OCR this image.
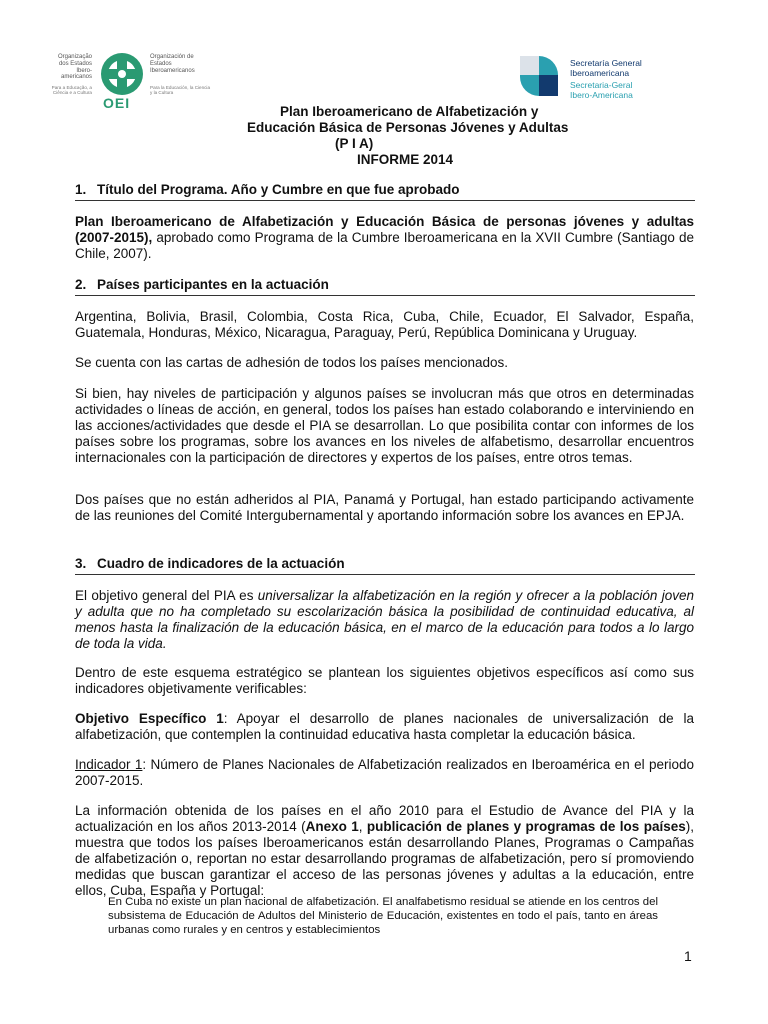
Organização dos Estados Ibero-americanos
Para a Educação, a Ciência e a Cultura
OEI
Organización de Estados Iberoamericanos
Para la Educación, la Ciencia y la Cultura
Secretaría General Iberoamericana
Secretaria-Geral Ibero-Americana
Plan Iberoamericano de Alfabetización y
Educación Básica de Personas Jóvenes y Adultas
(P I A)
INFORME 2014
1. Título del Programa. Año y Cumbre en que fue aprobado
Plan Iberoamericano de Alfabetización y Educación Básica de personas jóvenes y adultas (2007-2015), aprobado como Programa de la Cumbre Iberoamericana en la XVII Cumbre (Santiago de Chile, 2007).
2. Países participantes en la actuación
Argentina, Bolivia, Brasil, Colombia, Costa Rica, Cuba, Chile, Ecuador, El Salvador, España, Guatemala, Honduras, México, Nicaragua, Paraguay, Perú, República Dominicana y Uruguay.
Se cuenta con las cartas de adhesión de todos los países mencionados.
Si bien, hay niveles de participación y algunos países se involucran más que otros en determinadas actividades o líneas de acción, en general, todos los países han estado colaborando e interviniendo en las acciones/actividades que desde el PIA se desarrollan. Lo que posibilita contar con informes de los países sobre los programas, sobre los avances en los niveles de alfabetismo, desarrollar encuentros internacionales con la participación de directores y expertos de los países, entre otros temas.
Dos países que no están adheridos al PIA, Panamá y Portugal, han estado participando activamente de las reuniones del Comité Intergubernamental y aportando información sobre los avances en EPJA.
3. Cuadro de indicadores de la actuación
El objetivo general del PIA es universalizar la alfabetización en la región y ofrecer a la población joven y adulta que no ha completado su escolarización básica la posibilidad de continuidad educativa, al menos hasta la finalización de la educación básica, en el marco de la educación para todos a lo largo de toda la vida.
Dentro de este esquema estratégico se plantean los siguientes objetivos específicos así como sus indicadores objetivamente verificables:
Objetivo Específico 1: Apoyar el desarrollo de planes nacionales de universalización de la alfabetización, que contemplen la continuidad educativa hasta completar la educación básica.
Indicador 1: Número de Planes Nacionales de Alfabetización realizados en Iberoamérica en el periodo 2007-2015.
La información obtenida de los países en el año 2010 para el Estudio de Avance del PIA y la actualización en los años 2013-2014 (Anexo 1, publicación de planes y programas de los países), muestra que todos los países Iberoamericanos están desarrollando Planes, Programas o Campañas de alfabetización o, reportan no estar desarrollando programas de alfabetización, pero sí promoviendo medidas que buscan garantizar el acceso de las personas jóvenes y adultas a la educación, entre ellos, Cuba, España y Portugal:
En Cuba no existe un plan nacional de alfabetización. El analfabetismo residual se atiende en los centros del subsistema de Educación de Adultos del Ministerio de Educación, existentes en todo el país, tanto en áreas urbanas como rurales y en centros y establecimientos
1
